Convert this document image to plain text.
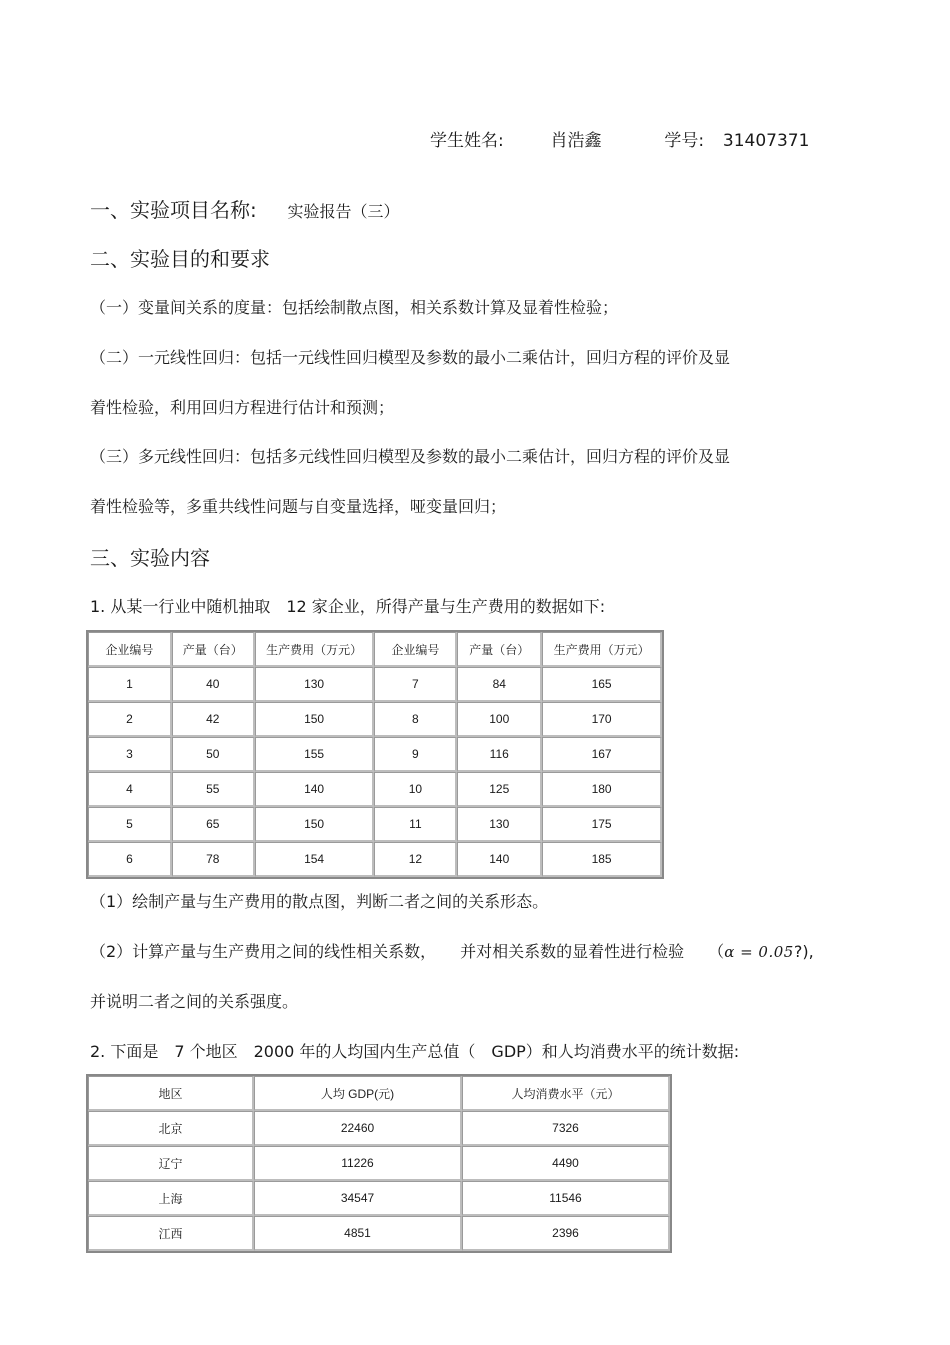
学生姓名:	肖浩鑫	学号: 31407371
一、实验项目名称: 实验报告（三）
二、实验目的和要求
（一）变量间关系的度量：包括绘制散点图，相关系数计算及显着性检验；
（二）一元线性回归：包括一元线性回归模型及参数的最小二乘估计，回归方程的评价及显
着性检验，利用回归方程进行估计和预测；
（三）多元线性回归：包括多元线性回归模型及参数的最小二乘估计，回归方程的评价及显
着性检验等，多重共线性问题与自变量选择，哑变量回归；
三、实验内容
1. 从某一行业中随机抽取　12 家企业，所得产量与生产费用的数据如下:
企业编号	产量（台）	生产费用（万元）	企业编号	产量（台）	生产费用（万元）
1	40	130	7	84	165
2	42	150	8	100	170
3	50	155	9	116	167
4	55	140	10	125	180
5	65	150	11	130	175
6	78	154	12	140	185
（1）绘制产量与生产费用的散点图，判断二者之间的关系形态。
（2）计算产量与生产费用之间的线性相关系数，　　并对相关系数的显着性进行检验　　（α = 0.05?),
并说明二者之间的关系强度。
2. 下面是　7 个地区　2000 年的人均国内生产总值（　GDP）和人均消费水平的统计数据:
地区	人均 GDP(元)	人均消费水平（元）
北京	22460	7326
辽宁	11226	4490
上海	34547	11546
江西	4851	2396
